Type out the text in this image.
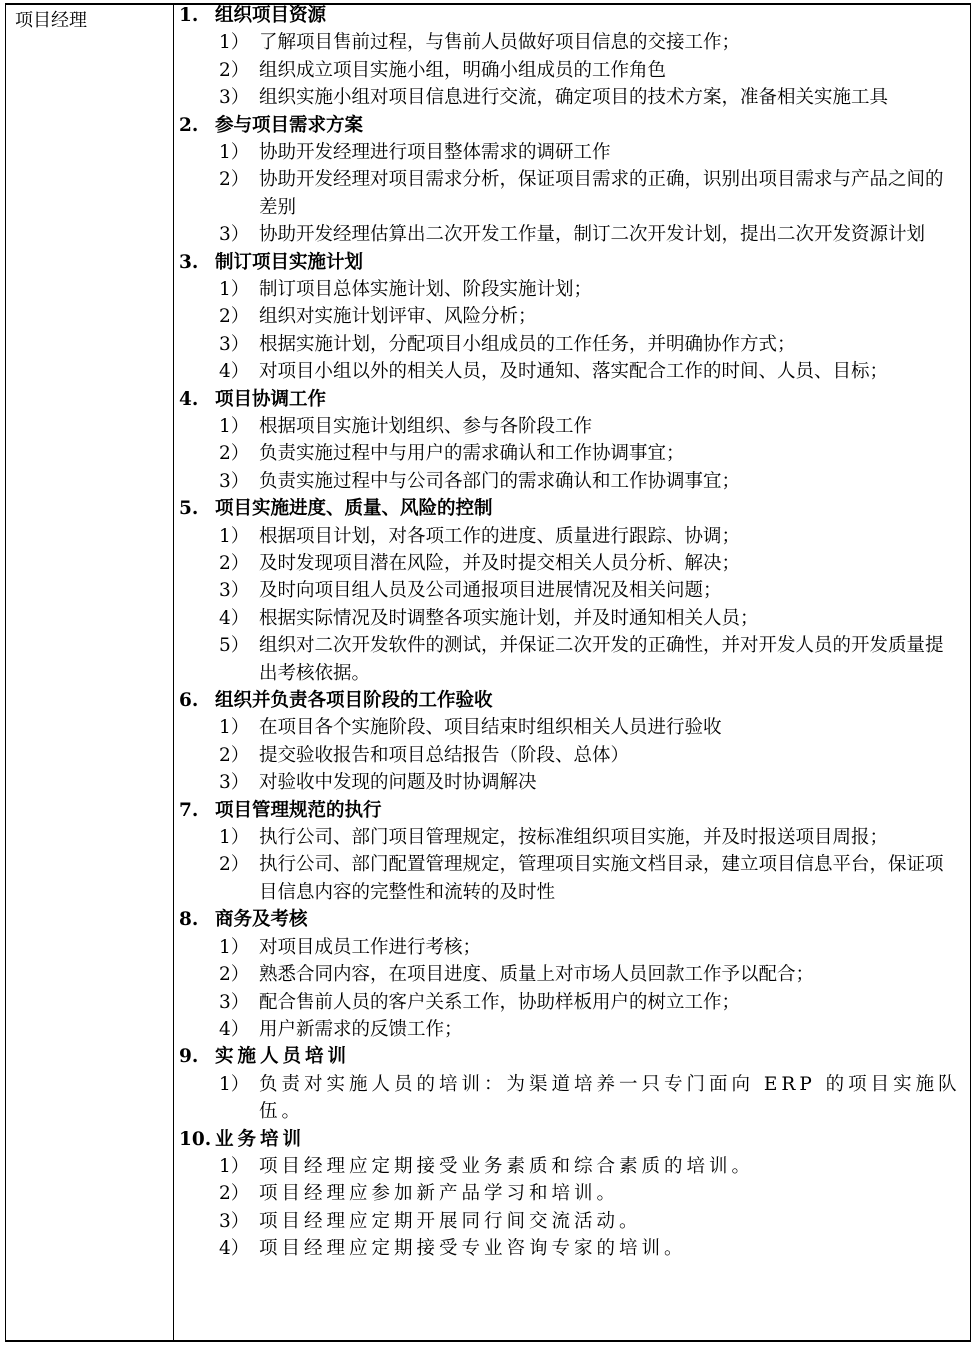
项目经理	1. 组织项目资源
1） 了解项目售前过程，与售前人员做好项目信息的交接工作；
2） 组织成立项目实施小组，明确小组成员的工作角色
3） 组织实施小组对项目信息进行交流，确定项目的技术方案，准备相关实施工具
2. 参与项目需求方案
1） 协助开发经理进行项目整体需求的调研工作
2） 协助开发经理对项目需求分析，保证项目需求的正确，识别出项目需求与产品之间的差别
3） 协助开发经理估算出二次开发工作量，制订二次开发计划，提出二次开发资源计划
3. 制订项目实施计划
1） 制订项目总体实施计划、阶段实施计划；
2） 组织对实施计划评审、风险分析；
3） 根据实施计划，分配项目小组成员的工作任务，并明确协作方式；
4） 对项目小组以外的相关人员，及时通知、落实配合工作的时间、人员、目标；
4. 项目协调工作
1） 根据项目实施计划组织、参与各阶段工作
2） 负责实施过程中与用户的需求确认和工作协调事宜；
3） 负责实施过程中与公司各部门的需求确认和工作协调事宜；
5. 项目实施进度、质量、风险的控制
1） 根据项目计划，对各项工作的进度、质量进行跟踪、协调；
2） 及时发现项目潜在风险，并及时提交相关人员分析、解决；
3） 及时向项目组人员及公司通报项目进展情况及相关问题；
4） 根据实际情况及时调整各项实施计划，并及时通知相关人员；
5） 组织对二次开发软件的测试，并保证二次开发的正确性，并对开发人员的开发质量提出考核依据。
6. 组织并负责各项目阶段的工作验收
1） 在项目各个实施阶段、项目结束时组织相关人员进行验收
2） 提交验收报告和项目总结报告（阶段、总体）
3） 对验收中发现的问题及时协调解决
7. 项目管理规范的执行
1） 执行公司、部门项目管理规定，按标准组织项目实施，并及时报送项目周报；
2） 执行公司、部门配置管理规定，管理项目实施文档目录，建立项目信息平台，保证项目信息内容的完整性和流转的及时性
8. 商务及考核
1） 对项目成员工作进行考核；
2） 熟悉合同内容，在项目进度、质量上对市场人员回款工作予以配合；
3） 配合售前人员的客户关系工作，协助样板用户的树立工作；
4） 用户新需求的反馈工作；
9. 实施人员培训
1） 负责对实施人员的培训：为渠道培养一只专门面向 ERP 的项目实施队伍。
10. 业务培训
1） 项目经理应定期接受业务素质和综合素质的培训。
2） 项目经理应参加新产品学习和培训。
3） 项目经理应定期开展同行间交流活动。
4） 项目经理应定期接受专业咨询专家的培训。
